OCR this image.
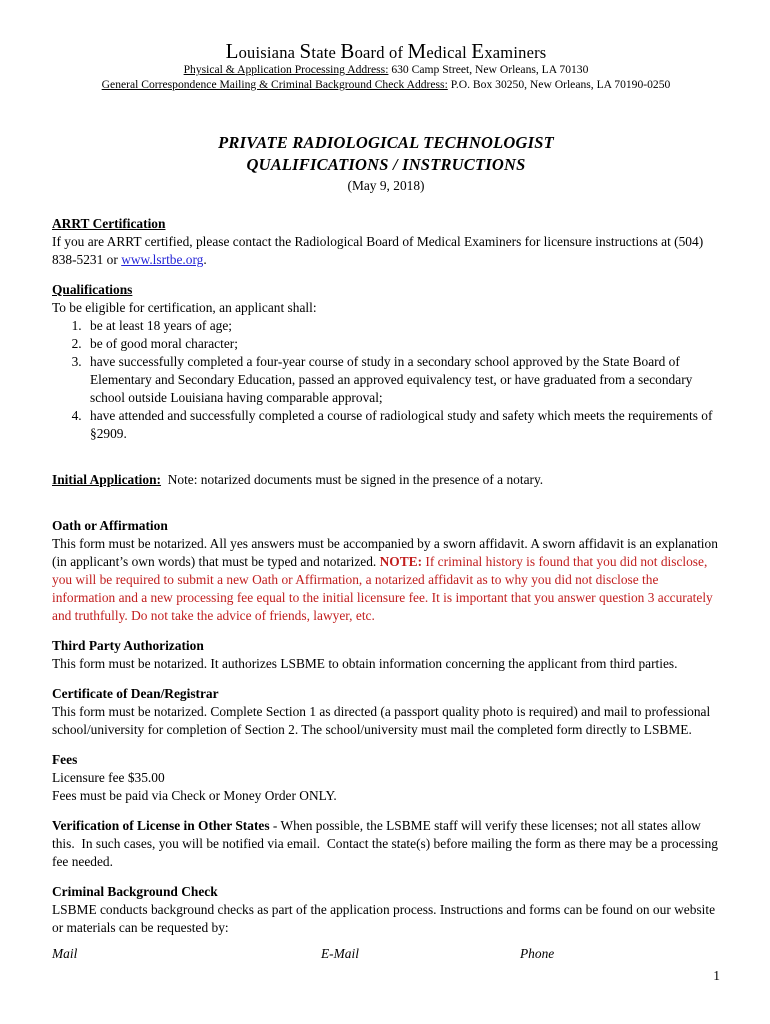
Louisiana State Board of Medical Examiners
Physical & Application Processing Address: 630 Camp Street, New Orleans, LA 70130
General Correspondence Mailing & Criminal Background Check Address: P.O. Box 30250, New Orleans, LA 70190-0250
PRIVATE RADIOLOGICAL TECHNOLOGIST
QUALIFICATIONS / INSTRUCTIONS
(May 9, 2018)
ARRT Certification

If you are ARRT certified, please contact the Radiological Board of Medical Examiners for licensure instructions at (504) 838-5231 or www.lsrtbe.org.

Qualifications

To be eligible for certification, an applicant shall:

1. be at least 18 years of age;
2. be of good moral character;
3. have successfully completed a four-year course of study in a secondary school approved by the State Board of Elementary and Secondary Education, passed an approved equivalency test, or have graduated from a secondary school outside Louisiana having comparable approval;
4. have attended and successfully completed a course of radiological study and safety which meets the requirements of §2909.

Initial Application:  Note: notarized documents must be signed in the presence of a notary.

Oath or Affirmation

This form must be notarized. All yes answers must be accompanied by a sworn affidavit. A sworn affidavit is an explanation (in applicant’s own words) that must be typed and notarized. NOTE: If criminal history is found that you did not disclose, you will be required to submit a new Oath or Affirmation, a notarized affidavit as to why you did not disclose the information and a new processing fee equal to the initial licensure fee. It is important that you answer question 3 accurately and truthfully. Do not take the advice of friends, lawyer, etc.

Third Party Authorization

This form must be notarized. It authorizes LSBME to obtain information concerning the applicant from third parties.

Certificate of Dean/Registrar

This form must be notarized. Complete Section 1 as directed (a passport quality photo is required) and mail to professional school/university for completion of Section 2. The school/university must mail the completed form directly to LSBME.

Fees

Licensure fee $35.00

Fees must be paid via Check or Money Order ONLY.

Verification of License in Other States - When possible, the LSBME staff will verify these licenses; not all states allow this.  In such cases, you will be notified via email.  Contact the state(s) before mailing the form as there may be a processing fee needed.

Criminal Background Check

LSBME conducts background checks as part of the application process. Instructions and forms can be found on our website or materials can be requested by:

Mail	E-Mail	Phone
1
